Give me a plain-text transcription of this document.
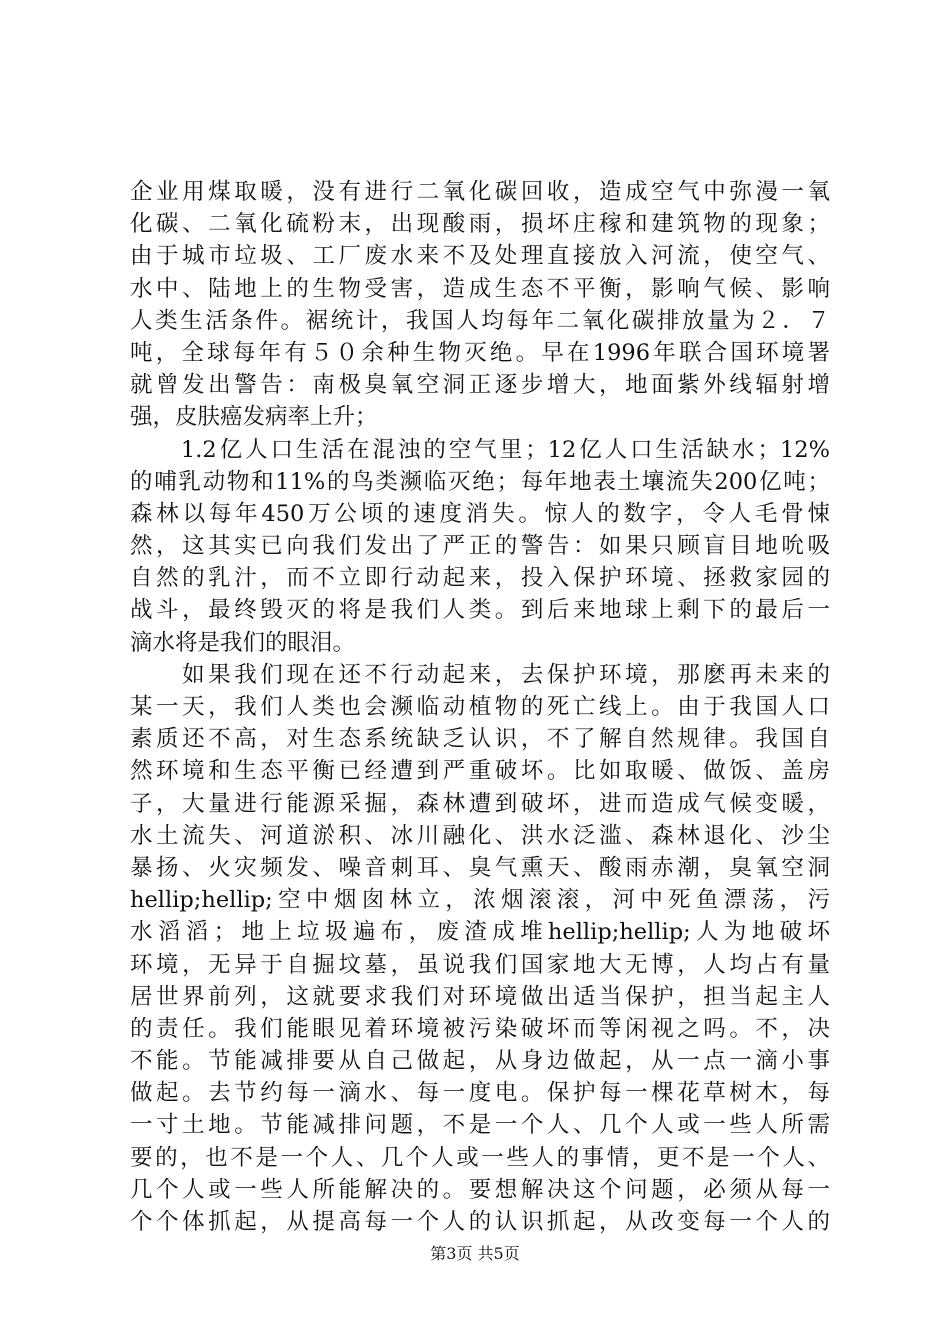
企业用煤取暖，没有进行二氧化碳回收，造成空气中弥漫一氧
化碳、二氧化硫粉末，出现酸雨，损坏庄稼和建筑物的现象；
由于城市垃圾、工厂废水来不及处理直接放入河流，使空气、
水中、陆地上的生物受害，造成生态不平衡，影响气候、影响
人类生活条件。裾统计，我国人均每年二氧化碳排放量为２．７
吨，全球每年有５０余种生物灭绝。早在1996年联合国环境署
就曾发出警告：南极臭氧空洞正逐步增大，地面紫外线辐射增
强，皮肤癌发病率上升；
　　1.2亿人口生活在混浊的空气里；12亿人口生活缺水；12%
的哺乳动物和11%的鸟类濒临灭绝；每年地表土壤流失200亿吨；
森林以每年450万公顷的速度消失。惊人的数字，令人毛骨悚
然，这其实已向我们发出了严正的警告：如果只顾盲目地吮吸
自然的乳汁，而不立即行动起来，投入保护环境、拯救家园的
战斗，最终毁灭的将是我们人类。到后来地球上剩下的最后一
滴水将是我们的眼泪。
　　如果我们现在还不行动起来，去保护环境，那麽再未来的
某一天，我们人类也会濒临动植物的死亡线上。由于我国人口
素质还不高，对生态系统缺乏认识，不了解自然规律。我国自
然环境和生态平衡已经遭到严重破坏。比如取暖、做饭、盖房
子，大量进行能源采掘，森林遭到破坏，进而造成气候变暖，
水土流失、河道淤积、冰川融化、洪水泛滥、森林退化、沙尘
暴扬、火灾频发、噪音刺耳、臭气熏天、酸雨赤潮，臭氧空洞
hellip;hellip;空中烟囱林立，浓烟滚滚，河中死鱼漂荡，污
水滔滔；地上垃圾遍布，废渣成堆hellip;hellip;人为地破坏
环境，无异于自掘坟墓，虽说我们国家地大无博，人均占有量
居世界前列，这就要求我们对环境做出适当保护，担当起主人
的责任。我们能眼见着环境被污染破坏而等闲视之吗。不，决
不能。节能减排要从自己做起，从身边做起，从一点一滴小事
做起。去节约每一滴水、每一度电。保护每一棵花草树木，每
一寸土地。节能减排问题，不是一个人、几个人或一些人所需
要的，也不是一个人、几个人或一些人的事情，更不是一个人、
几个人或一些人所能解决的。要想解决这个问题，必须从每一
个个体抓起，从提高每一个人的认识抓起，从改变每一个人的
第3页 共5页
